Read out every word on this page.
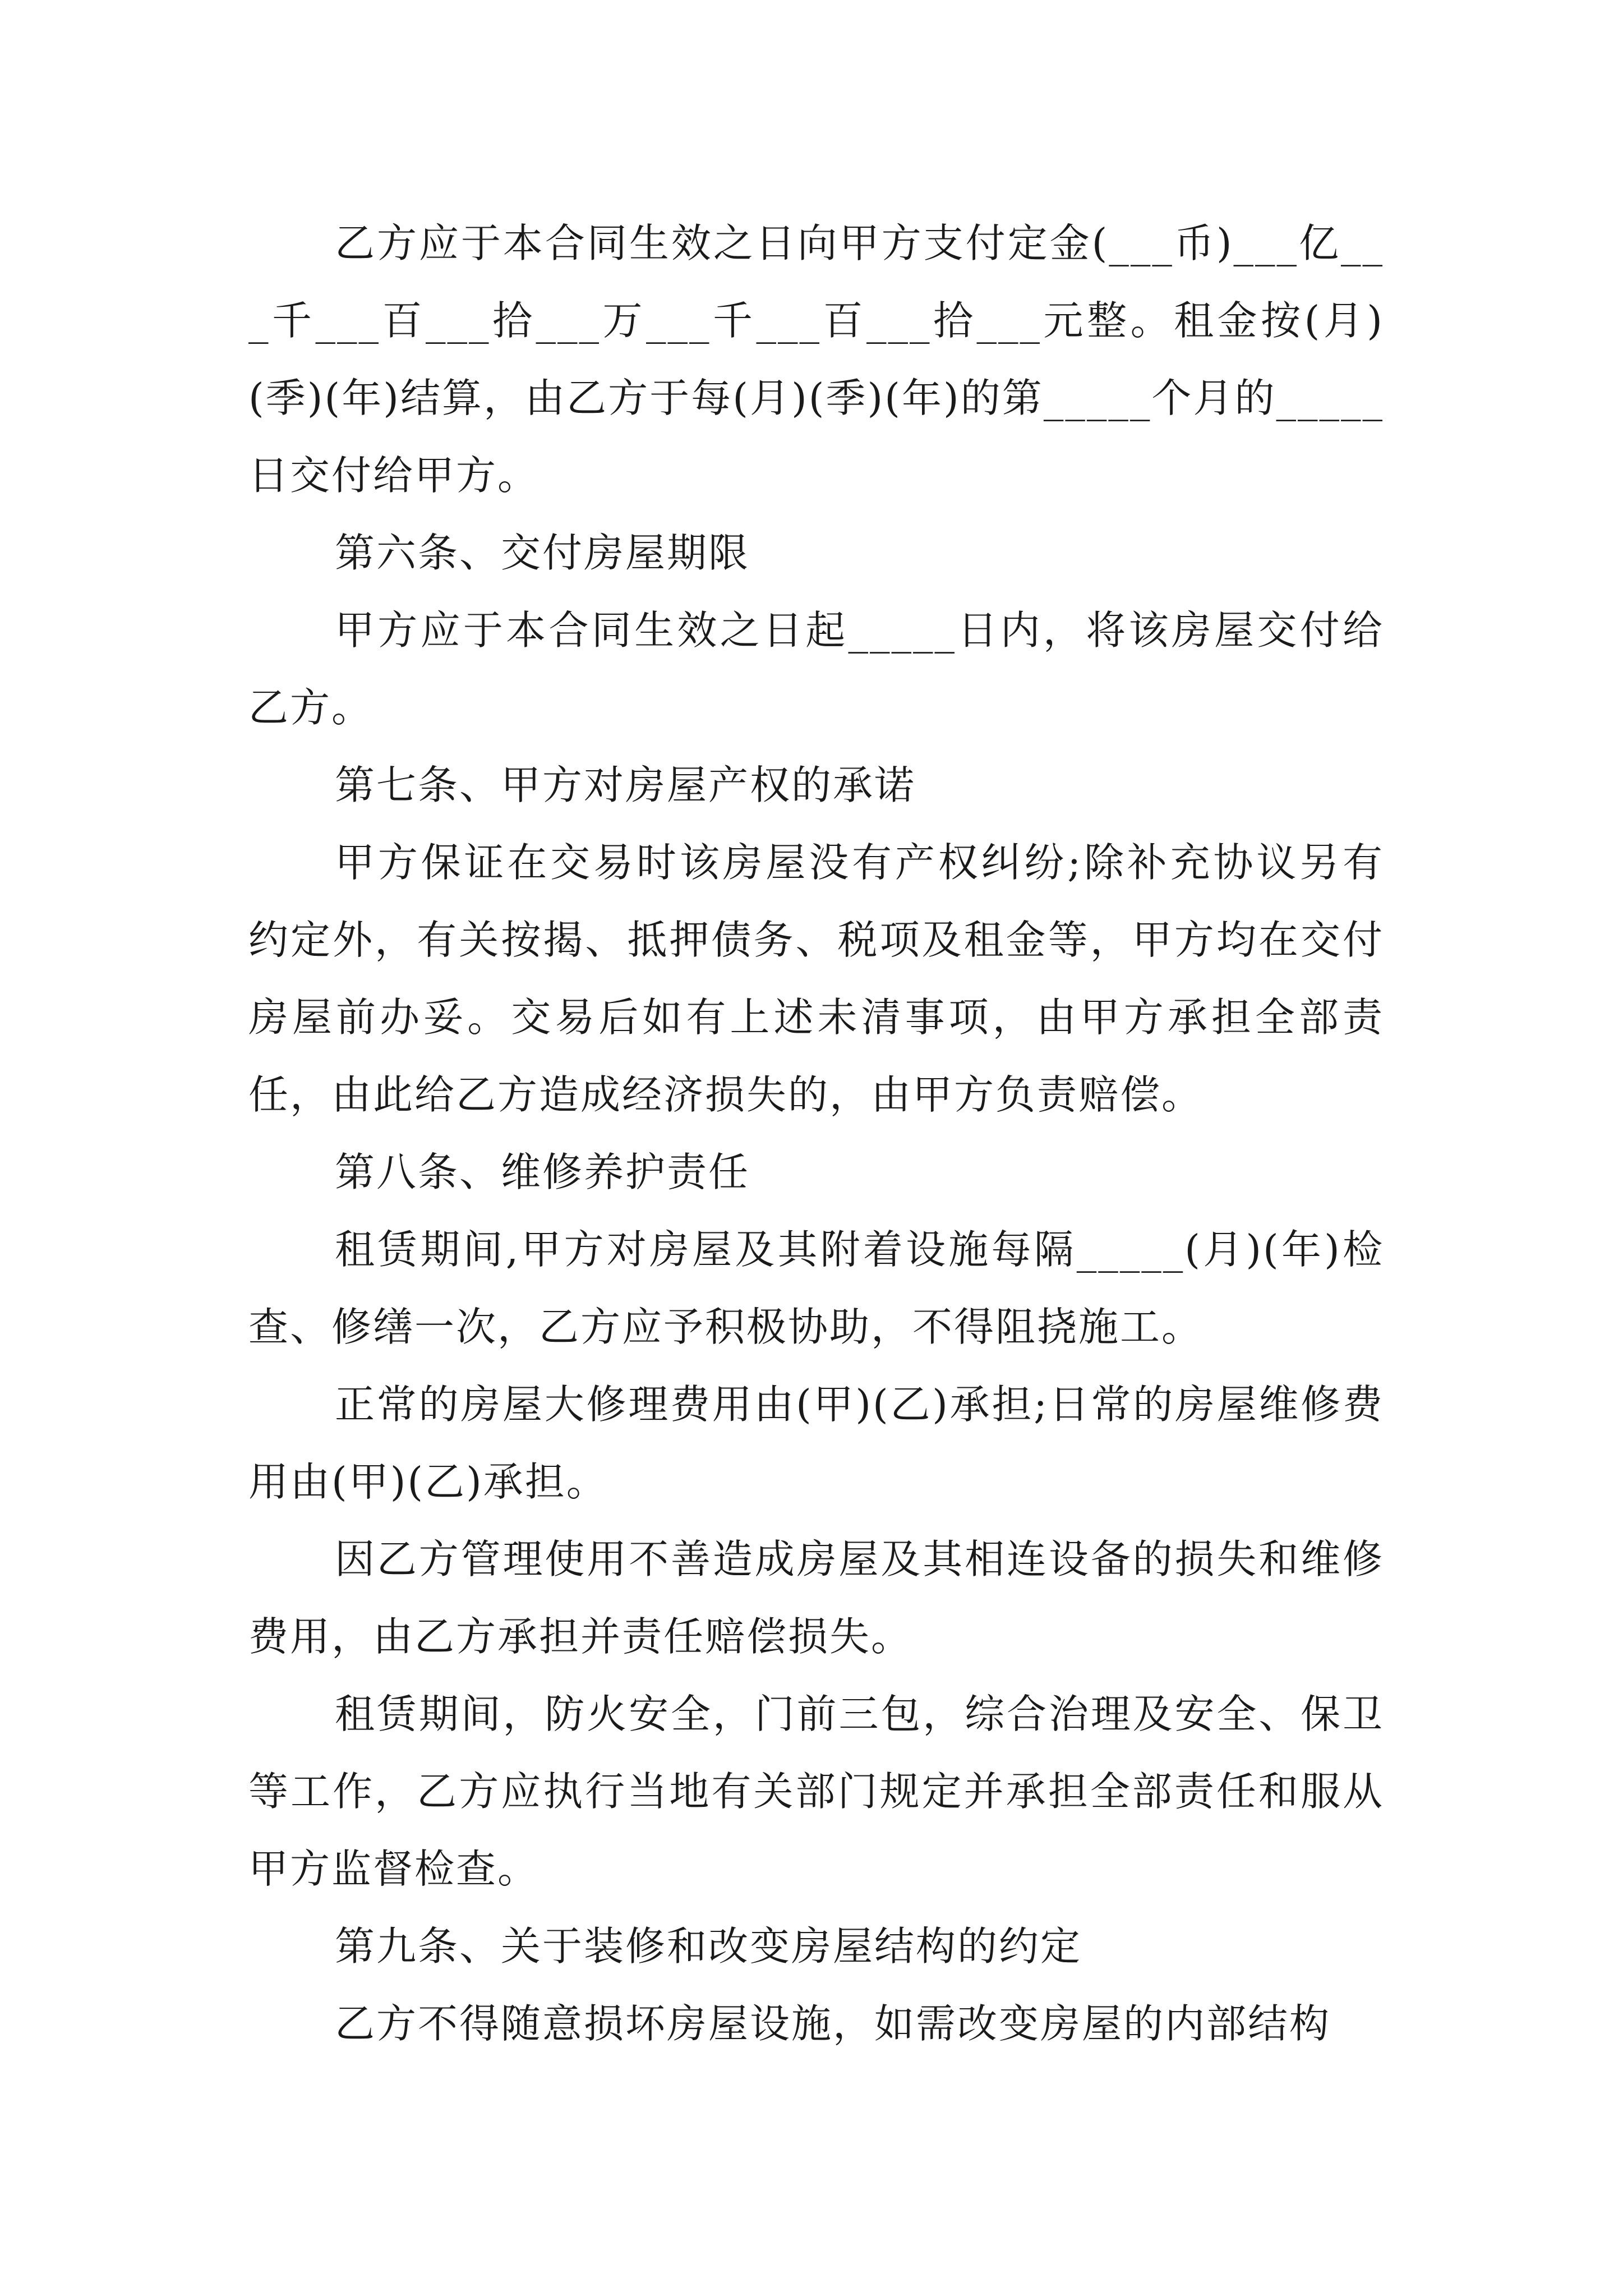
乙方应于本合同生效之日向甲方支付定金(___币)___亿___千___百___拾___万___千___百___拾___元整。租金按(月)(季)(年)结算，由乙方于每(月)(季)(年)的第_____个月的_____日交付给甲方。

第六条、交付房屋期限

甲方应于本合同生效之日起_____日内，将该房屋交付给乙方。

第七条、甲方对房屋产权的承诺

甲方保证在交易时该房屋没有产权纠纷;除补充协议另有约定外，有关按揭、抵押债务、税项及租金等，甲方均在交付房屋前办妥。交易后如有上述未清事项，由甲方承担全部责任，由此给乙方造成经济损失的，由甲方负责赔偿。

第八条、维修养护责任

租赁期间,甲方对房屋及其附着设施每隔_____(月)(年)检查、修缮一次，乙方应予积极协助，不得阻挠施工。

正常的房屋大修理费用由(甲)(乙)承担;日常的房屋维修费用由(甲)(乙)承担。

因乙方管理使用不善造成房屋及其相连设备的损失和维修费用，由乙方承担并责任赔偿损失。

租赁期间，防火安全，门前三包，综合治理及安全、保卫等工作，乙方应执行当地有关部门规定并承担全部责任和服从甲方监督检查。

第九条、关于装修和改变房屋结构的约定

乙方不得随意损坏房屋设施，如需改变房屋的内部结构
